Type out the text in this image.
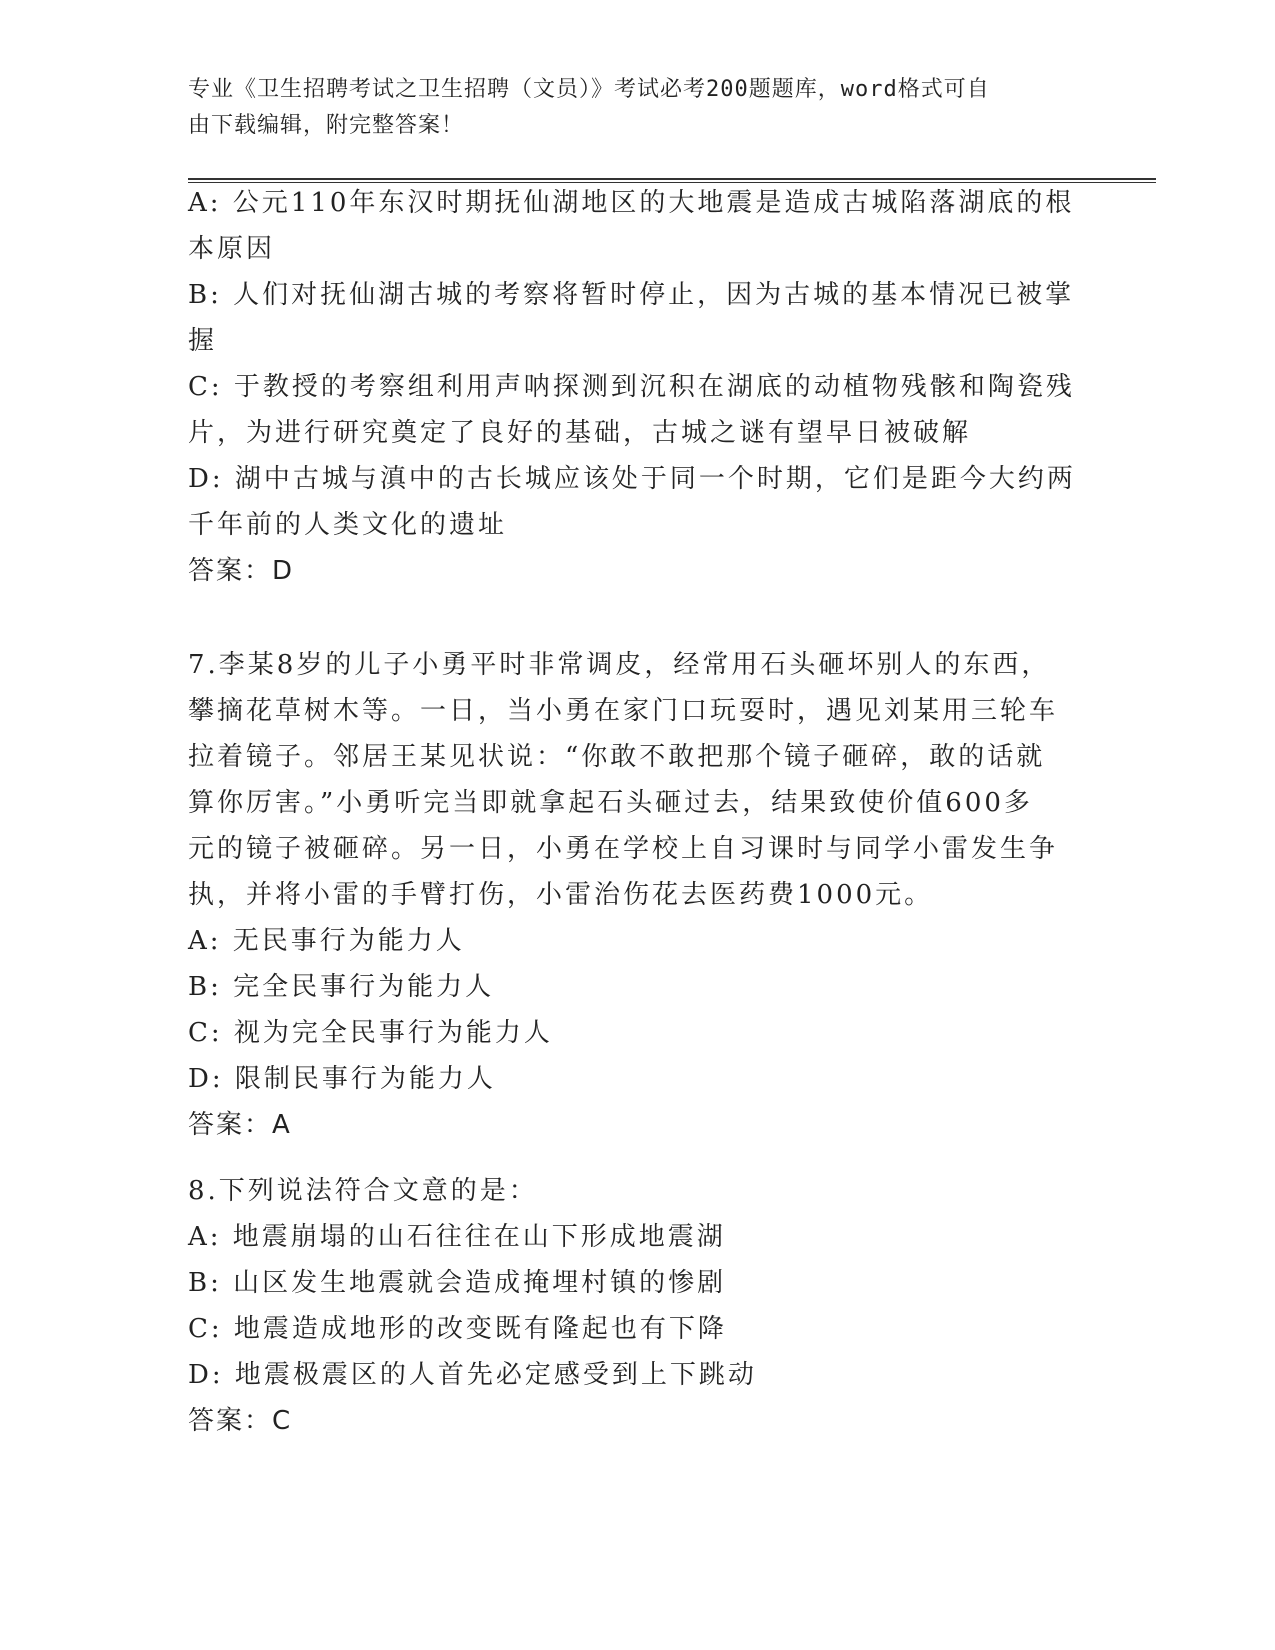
专业《卫生招聘考试之卫生招聘（文员）》考试必考200题题库，word格式可自
由下载编辑，附完整答案！
A: 公元110年东汉时期抚仙湖地区的大地震是造成古城陷落湖底的根
本原因
B: 人们对抚仙湖古城的考察将暂时停止，因为古城的基本情况已被掌
握
C: 于教授的考察组利用声呐探测到沉积在湖底的动植物残骸和陶瓷残
片，为进行研究奠定了良好的基础，古城之谜有望早日被破解
D: 湖中古城与滇中的古长城应该处于同一个时期，它们是距今大约两
千年前的人类文化的遗址
答案：D
7.李某8岁的儿子小勇平时非常调皮，经常用石头砸坏别人的东西，
攀摘花草树木等。一日，当小勇在家门口玩耍时，遇见刘某用三轮车
拉着镜子。邻居王某见状说：“你敢不敢把那个镜子砸碎，敢的话就
算你厉害。”小勇听完当即就拿起石头砸过去，结果致使价值600多
元的镜子被砸碎。另一日，小勇在学校上自习课时与同学小雷发生争
执，并将小雷的手臂打伤，小雷治伤花去医药费1000元。
A: 无民事行为能力人
B: 完全民事行为能力人
C: 视为完全民事行为能力人
D: 限制民事行为能力人
答案：A
8.下列说法符合文意的是：
A: 地震崩塌的山石往往在山下形成地震湖
B: 山区发生地震就会造成掩埋村镇的惨剧
C: 地震造成地形的改变既有隆起也有下降
D: 地震极震区的人首先必定感受到上下跳动
答案：C
